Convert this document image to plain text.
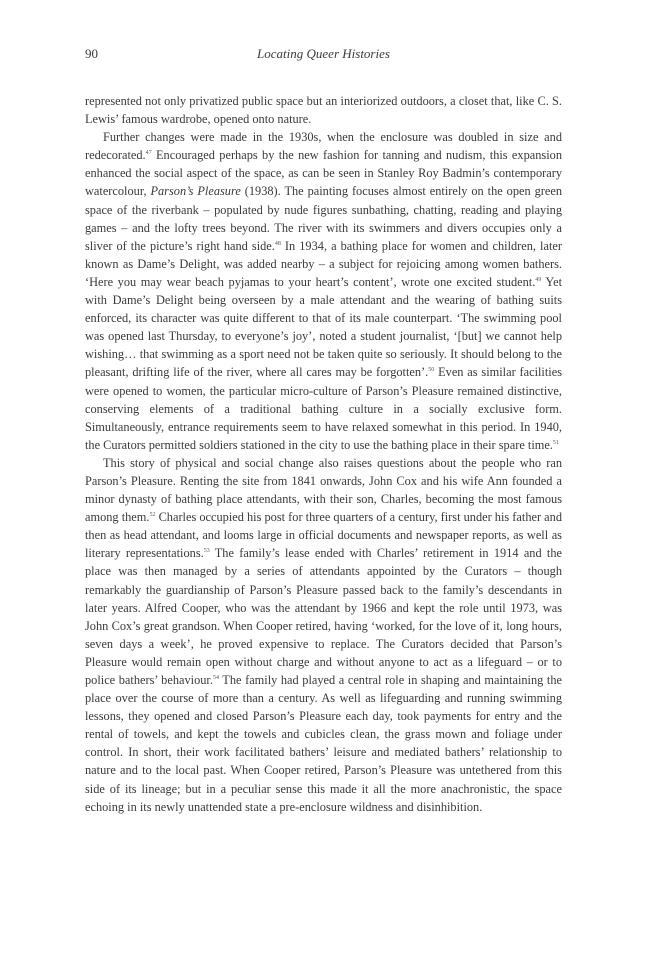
90	Locating Queer Histories

represented not only privatized public space but an interiorized outdoors, a closet that, like C. S. Lewis’ famous wardrobe, opened onto nature.

Further changes were made in the 1930s, when the enclosure was doubled in size and redecorated.$^{47}$ Encouraged perhaps by the new fashion for tanning and nudism, this expansion enhanced the social aspect of the space, as can be seen in Stanley Roy Badmin’s contemporary watercolour, Parson’s Pleasure (1938). The painting focuses almost entirely on the open green space of the riverbank – populated by nude figures sunbathing, chatting, reading and playing games – and the lofty trees beyond. The river with its swimmers and divers occupies only a sliver of the picture’s right hand side.$^{48}$ In 1934, a bathing place for women and children, later known as Dame’s Delight, was added nearby – a subject for rejoicing among women bathers. ‘Here you may wear beach pyjamas to your heart’s content’, wrote one excited student.$^{49}$ Yet with Dame’s Delight being overseen by a male attendant and the wearing of bathing suits enforced, its character was quite different to that of its male counterpart. ‘The swimming pool was opened last Thursday, to everyone’s joy’, noted a student journalist, ‘[but] we cannot help wishing… that swimming as a sport need not be taken quite so seriously. It should belong to the pleasant, drifting life of the river, where all cares may be forgotten’.$^{50}$ Even as similar facilities were opened to women, the particular micro-culture of Parson’s Pleasure remained distinctive, conserving elements of a traditional bathing culture in a socially exclusive form. Simultaneously, entrance requirements seem to have relaxed somewhat in this period. In 1940, the Curators permitted soldiers stationed in the city to use the bathing place in their spare time.$^{51}$

This story of physical and social change also raises questions about the people who ran Parson’s Pleasure. Renting the site from 1841 onwards, John Cox and his wife Ann founded a minor dynasty of bathing place attendants, with their son, Charles, becoming the most famous among them.$^{52}$ Charles occupied his post for three quarters of a century, first under his father and then as head attendant, and looms large in official documents and newspaper reports, as well as literary representations.$^{53}$ The family’s lease ended with Charles’ retirement in 1914 and the place was then managed by a series of attendants appointed by the Curators – though remarkably the guardianship of Parson’s Pleasure passed back to the family’s descendants in later years. Alfred Cooper, who was the attendant by 1966 and kept the role until 1973, was John Cox’s great grandson. When Cooper retired, having ‘worked, for the love of it, long hours, seven days a week’, he proved expensive to replace. The Curators decided that Parson’s Pleasure would remain open without charge and without anyone to act as a lifeguard – or to police bathers’ behaviour.$^{54}$ The family had played a central role in shaping and maintaining the place over the course of more than a century. As well as lifeguarding and running swimming lessons, they opened and closed Parson’s Pleasure each day, took payments for entry and the rental of towels, and kept the towels and cubicles clean, the grass mown and foliage under control. In short, their work facilitated bathers’ leisure and mediated bathers’ relationship to nature and to the local past. When Cooper retired, Parson’s Pleasure was untethered from this side of its lineage; but in a peculiar sense this made it all the more anachronistic, the space echoing in its newly unattended state a pre-enclosure wildness and disinhibition.
